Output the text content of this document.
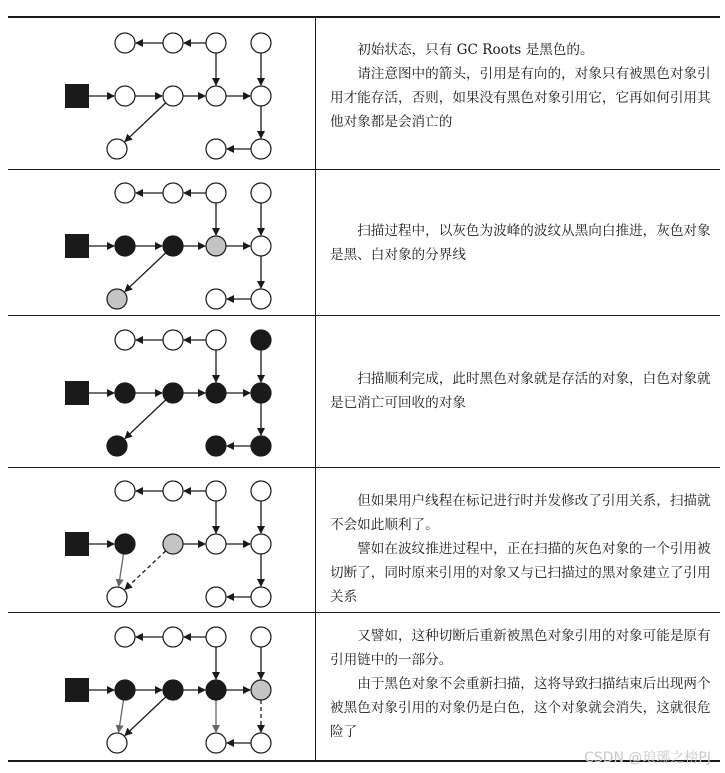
初始状态，只有 GC Roots 是黑色的。

请注意图中的箭头，引用是有向的，对象只有被黑色对象引用才能存活，否则，如果没有黑色对象引用它，它再如何引用其他对象都是会消亡的

扫描过程中，以灰色为波峰的波纹从黑向白推进，灰色对象是黑、白对象的分界线

扫描顺利完成，此时黑色对象就是存活的对象，白色对象就是已消亡可回收的对象

但如果用户线程在标记进行时并发修改了引用关系，扫描就不会如此顺利了。

譬如在波纹推进过程中，正在扫描的灰色对象的一个引用被切断了，同时原来引用的对象又与已扫描过的黑对象建立了引用关系

又譬如，这种切断后重新被黑色对象引用的对象可能是原有引用链中的一部分。

由于黑色对象不会重新扫描，这将导致扫描结束后出现两个被黑色对象引用的对象仍是白色，这个对象就会消失，这就很危险了

CSDN @琅琊之榜PJ
